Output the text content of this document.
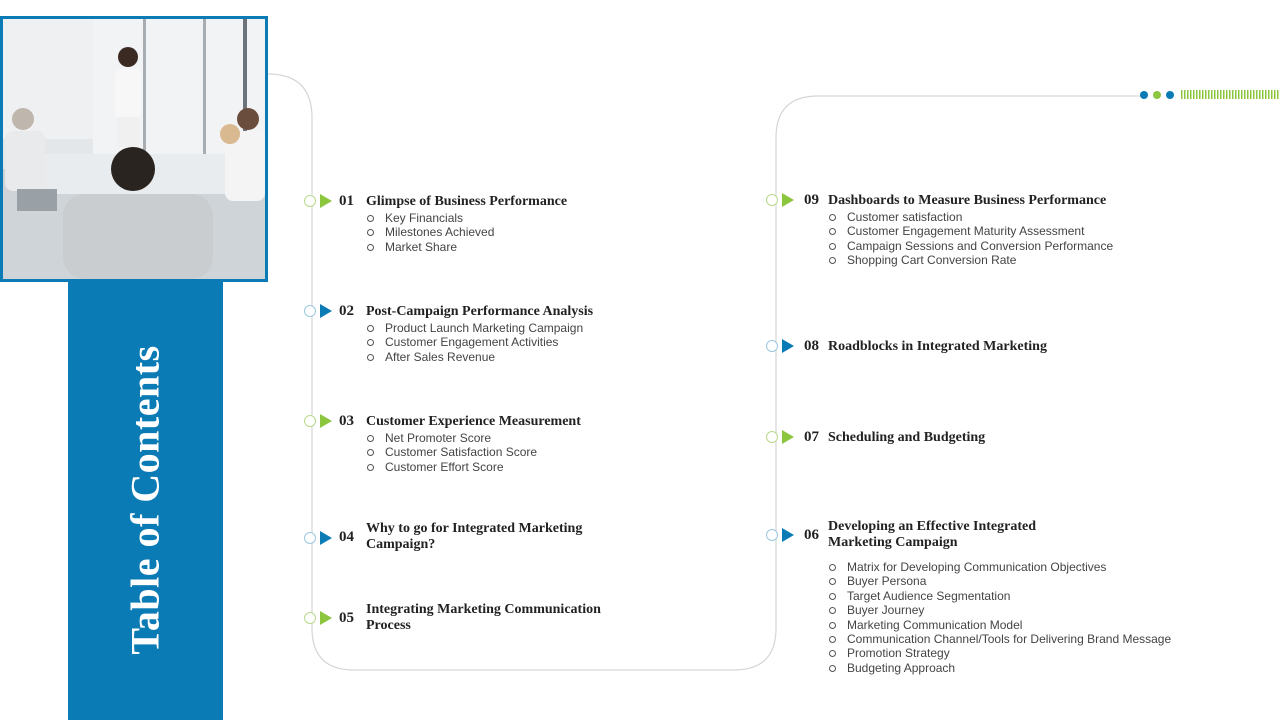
Table of Contents
01 Glimpse of Business Performance
Key Financials
Milestones Achieved
Market Share
02 Post-Campaign Performance Analysis
Product Launch Marketing Campaign
Customer Engagement Activities
After Sales Revenue
03 Customer Experience Measurement
Net Promoter Score
Customer Satisfaction Score
Customer Effort Score
04
Why to go for Integrated Marketing Campaign?
05
Integrating Marketing Communication Process
09 Dashboards to Measure Business Performance
Customer satisfaction
Customer Engagement Maturity Assessment
Campaign Sessions and Conversion Performance
Shopping Cart Conversion Rate
08 Roadblocks in Integrated Marketing
07 Scheduling and Budgeting
06
Developing an Effective Integrated Marketing Campaign
Matrix for Developing Communication Objectives
Buyer Persona
Target Audience Segmentation
Buyer Journey
Marketing Communication Model
Communication Channel/Tools for Delivering Brand Message
Promotion Strategy
Budgeting Approach
